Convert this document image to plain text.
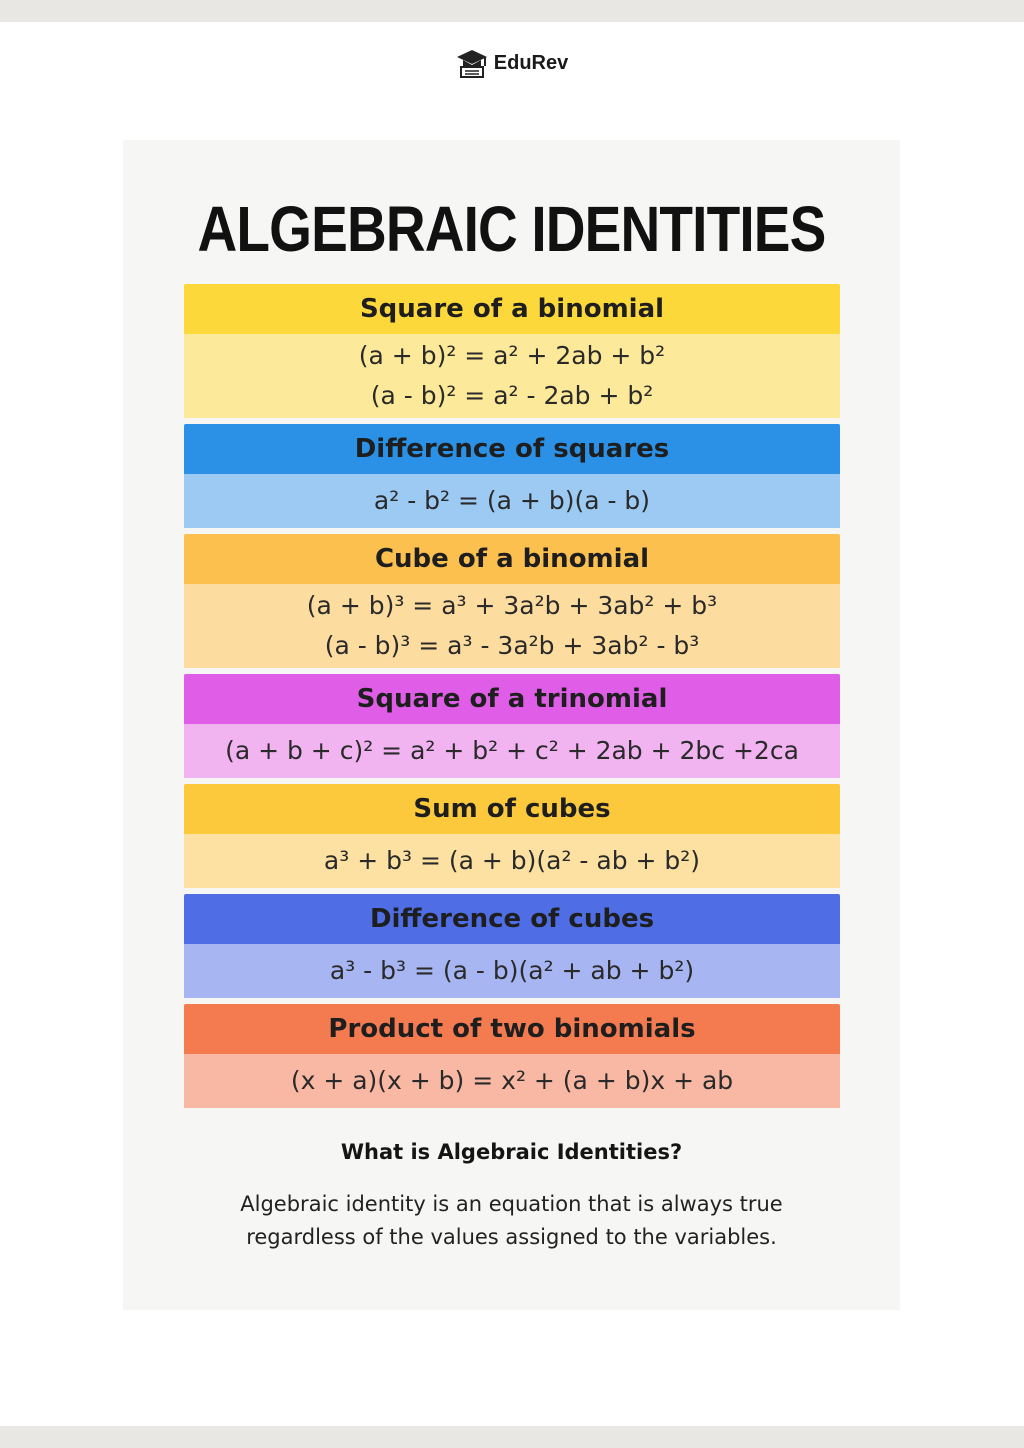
EduRev
ALGEBRAIC IDENTITIES
Square of a binomial
(a + b)² = a² + 2ab + b²
(a - b)² = a² - 2ab + b²
Difference of squares
a² - b² = (a + b)(a - b)
Cube of a binomial
(a + b)³ = a³ + 3a²b + 3ab² + b³
(a - b)³ = a³ - 3a²b + 3ab² - b³
Square of a trinomial
(a + b + c)² = a² + b² + c² + 2ab + 2bc +2ca
Sum of cubes
a³ + b³ = (a + b)(a² - ab + b²)
Difference of cubes
a³ - b³ = (a - b)(a² + ab + b²)
Product of two binomials
(x + a)(x + b) = x² + (a + b)x + ab

What is Algebraic Identities?

Algebraic identity is an equation that is always true
regardless of the values assigned to the variables.
